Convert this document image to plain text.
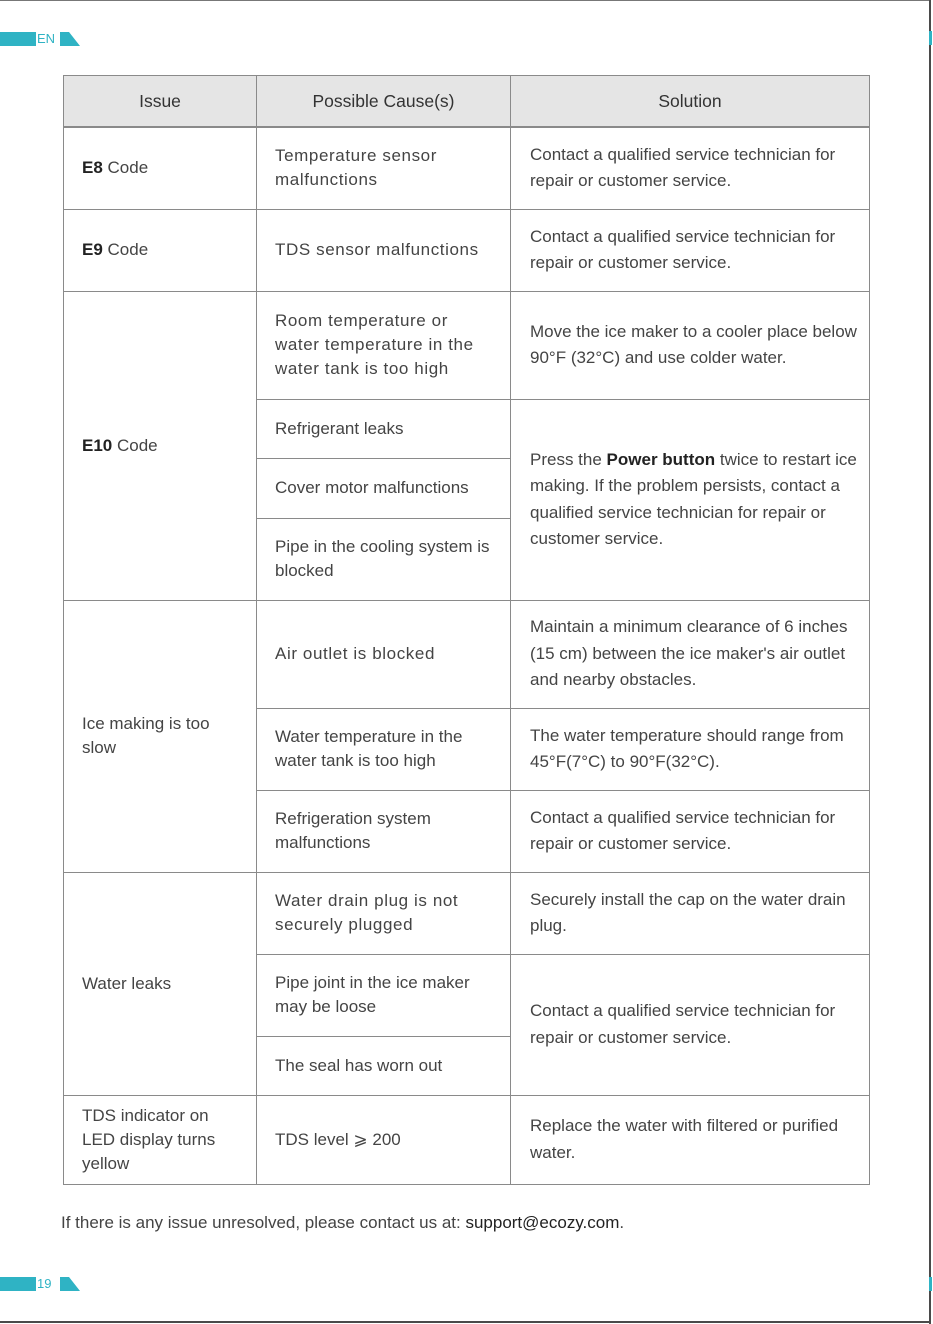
EN
Issue	Possible Cause(s)	Solution
E8 Code	Temperature sensor malfunctions	Contact a qualified service technician for repair or customer service.

E9 Code	TDS sensor malfunctions	Contact a qualified service technician for repair or customer service.

E10 Code	Room temperature or water temperature in the water tank is too high	Move the ice maker to a cooler place below 90°F (32°C) and use colder water.

	Refrigerant leaks	Press the Power button twice to restart ice making. If the problem persists, contact a qualified service technician for repair or customer service.

	Cover motor malfunctions	

	Pipe in the cooling system is blocked	

Ice making is too slow	Air outlet is blocked	Maintain a minimum clearance of 6 inches (15 cm) between the ice maker's air outlet and nearby obstacles.

	Water temperature in the water tank is too high	The water temperature should range from 45°F(7°C) to 90°F(32°C).

	Refrigeration system malfunctions	Contact a qualified service technician for repair or customer service.

Water leaks	Water drain plug is not securely plugged	Securely install the cap on the water drain plug.

	Pipe joint in the ice maker may be loose	Contact a qualified service technician for repair or customer service.

	The seal has worn out	

TDS indicator on LED display turns yellow	TDS level ⩾ 200	Replace the water with filtered or purified water.
If there is any issue unresolved, please contact us at: support@ecozy.com.
19
